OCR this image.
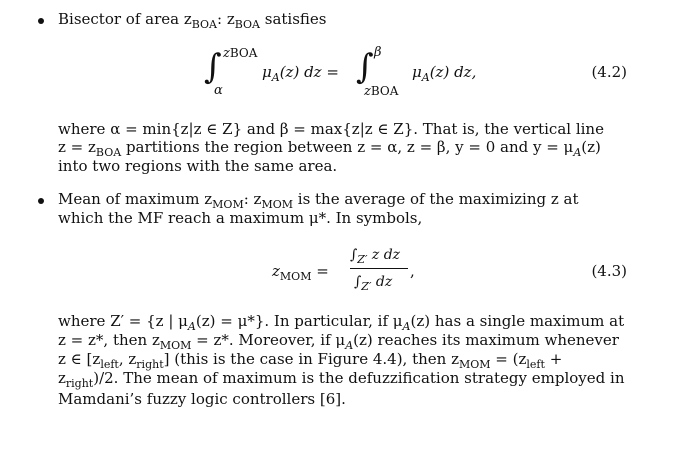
Bisector of area $z_{BOA}$: $z_{BOA}$ satisfies
∫ zBOA
α
$\mu_A(z)$ dz = ∫ β
zBOA
$\mu_A(z)$ dz,	(4.2)
where α = min{z|z ∈ Z} and β = max{z|z ∈ Z}. That is, the vertical line
$z = z_{BOA}$ partitions the region between z = α, z = β, y = 0 and $y = \mu_A(z)$
into two regions with the same area.
Mean of maximum $z_{MOM}$: $z_{MOM}$ is the average of the maximizing z at
which the MF reach a maximum μ*. In symbols,
$z_{MOM}$ =
$\int_{Z'}$ z dz
$\int_{Z'}$ dz
,	(4.3)
where Z′ = {z | $\mu_A(z) = \mu*$}. In particular, if $\mu_A(z)$ has a single maximum at
z = z*, then $z_{MOM} = z*$. Moreover, if $\mu_A(z)$ reaches its maximum whenever
z ∈ [$z_{left}$, $z_{right}$] (this is the case in Figure 4.4), then $z_{MOM} = (z_{left}$ +
$z_{right})/2$. The mean of maximum is the defuzzification strategy employed in
Mamdani’s fuzzy logic controllers [6].
